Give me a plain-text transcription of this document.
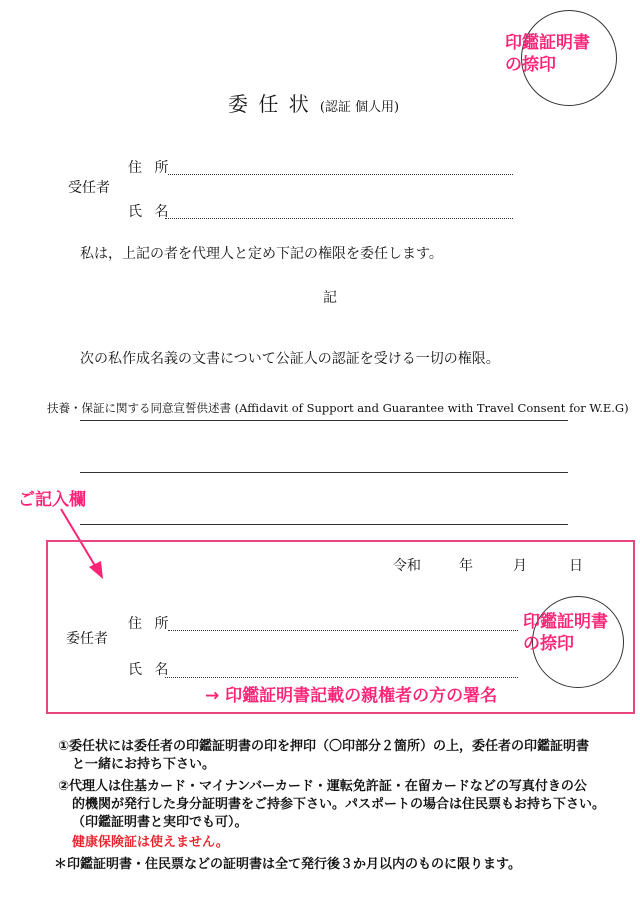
印鑑証明書
の捺印
委 任 状 (認証 個人用)
受任者
住 所
氏 名
私は，上記の者を代理人と定め下記の権限を委任します。
記
次の私作成名義の文書について公証人の認証を受ける一切の権限。
扶養・保証に関する同意宣誓供述書 (Affidavit of Support and Guarantee with Travel Consent for W.E.G)
ご記入欄
令和	年	月	日
委任者
住 所
氏 名
印鑑証明書
の捺印
→ 印鑑証明書記載の親権者の方の署名
①委任状には委任者の印鑑証明書の印を押印（〇印部分２箇所）の上，委任者の印鑑証明書
と一緒にお持ち下さい。
②代理人は住基カード・マイナンバーカード・運転免許証・在留カードなどの写真付きの公
的機関が発行した身分証明書をご持参下さい。パスポートの場合は住民票もお持ち下さい。
（印鑑証明書と実印でも可）。
健康保険証は使えません。
＊印鑑証明書・住民票などの証明書は全て発行後３か月以内のものに限ります。
